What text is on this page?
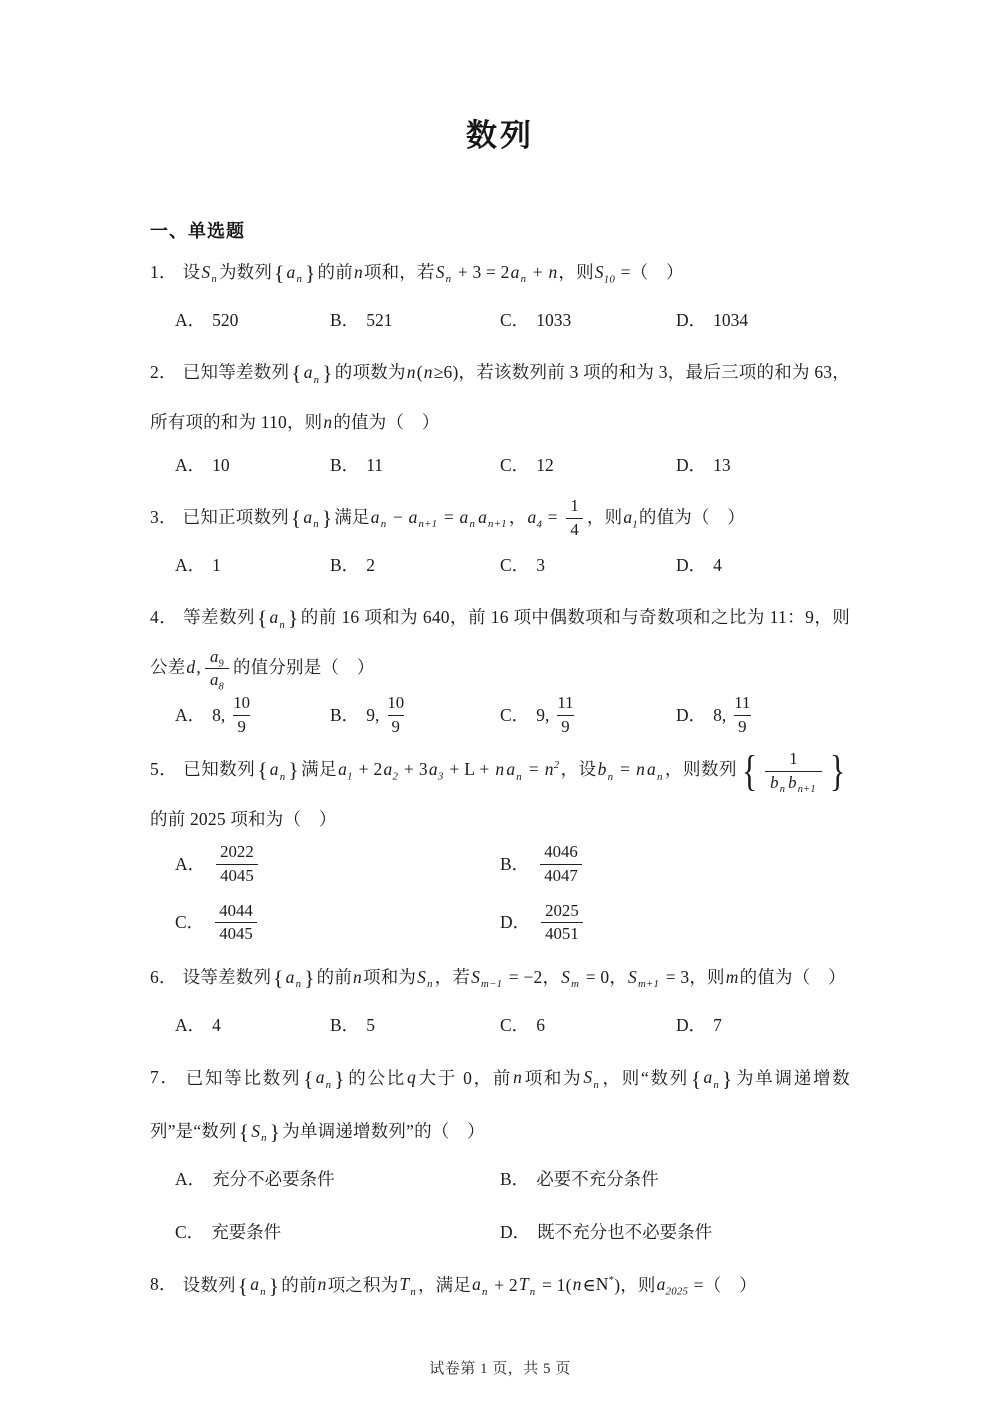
数列
一、单选题

1． 设$S_n$ 为数列{ $a_n$ } 的前n项和，若$S_n + 3 = 2a_n + n$，则$S_{10}$ =（　）

A． 520	B． 521	C． 1033	D． 1034

2． 已知等差数列{ $a_n$ } 的项数为n(n≥6)，若该数列前 3 项的和为 3，最后三项的和为 63，所有项的和为 110，则n的值为（　）

A． 10	B． 11	C． 12	D． 13

3． 已知正项数列{ $a_n$ } 满足$a_n - a_{n+1} = a_n$ $a_{n+1}$ ，$a_4 = \frac{1}{4}$ ，则$a_1$的值为（　）

A． 1	B． 2	C． 3	D． 4

4． 等差数列{ $a_n$ } 的前 16 项和为 640，前 16 项中偶数项和与奇数项和之比为 11：9，则公差d, $\frac{a_9}{a_8}$ 的值分别是（　）

A． 8, $\frac{10}{9}$	B． 9, $\frac{10}{9}$	C． 9, $\frac{11}{9}$	D． 8, $\frac{11}{9}$

5． 已知数列{ $a_n$ } 满足$a_1 + 2a_2 + 3a_3 + L + n$ $a_n = n^2$，设$b_n = n$ $a_n$ ，则数列 { $\frac{1}{b_n b_{n+1}}$ }
的前 2025 项和为（　）

A． $\frac{2022}{4045}$	B． $\frac{4046}{4047}$
C． $\frac{4044}{4045}$	D． $\frac{2025}{4051}$

6． 设等差数列{ $a_n$ } 的前n项和为$S_n$ ，若$S_{m-1} = -2$，$S_m = 0$，$S_{m+1} = 3$，则m的值为（　）

A． 4	B． 5	C． 6	D． 7

7． 已知等比数列{ $a_n$ } 的公比q大于 0，前n项和为$S_n$ ，则“数列{ $a_n$ } 为单调递增数列”是“数列{ $S_n$ } 为单调递增数列”的（　）

A． 充分不必要条件	B． 必要不充分条件
C． 充要条件	D． 既不充分也不必要条件

8． 设数列{ $a_n$ } 的前n项之积为$T_n$ ，满足$a_n + 2T_n$ = 1(n∈N*)，则$a_{2025}$ =（　）

试卷第 1 页，共 5 页
